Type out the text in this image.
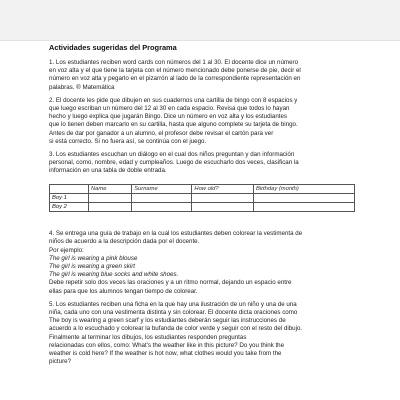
Actividades sugeridas del Programa

1. Los estudiantes reciben word cards con números del 1 al 30. El docente dice un número

en voz alta y el que tiene la tarjeta con el número mencionado debe ponerse de pie, decir el

número en voz alta y pegarlo en el pizarrón al lado de la correspondiente representación en

palabras. ® Matemática

2. El docente les pide que dibujen en sus cuadernos una cartilla de bingo con 8 espacios y

que luego escriban un número del 12 al 30 en cada espacio. Revisa que todos lo hayan

hecho y luego explica que jugarán Bingo. Dice un número en voz alta y los estudiantes

que lo tienen deben marcarlo en su cartilla, hasta que alguno complete su tarjeta de bingo.

Antes de dar por ganador a un alumno, el profesor debe revisar el cartón para ver

si está correcto. Si no fuera así, se continúa con el juego.

3. Los estudiantes escuchan un diálogo en el cual dos niños preguntan y dan información

personal, como, nombre, edad y cumpleaños. Luego de escucharlo dos veces, clasifican la

información en una tabla de doble entrada.

	Name	Surname	How old?	Birthday (month)
Boy 1				
Boy 2				

4. Se entrega una guía de trabajo en la cual los estudiantes deben colorear la vestimenta de

niños de acuerdo a la descripción dada por el docente.

Por ejemplo:

The girl is wearing a pink blouse

The girl is wearing a green skirt

The girl is wearing blue socks and white shoes.

Debe repetir solo dos veces las oraciones y a un ritmo normal, dejando un espacio entre

ellas para que los alumnos tengan tiempo de colorear.

5. Los estudiantes reciben una ficha en la que hay una ilustración de un niño y una de una

niña, cada uno con una vestimenta distinta y sin colorear. El docente dicta oraciones como

The boy is wearing a green scarf y los estudiantes deberán seguir las instrucciones de

acuerdo a lo escuchado y colorear la bufanda de color verde y seguir con el resto del dibujo.

Finalmente al terminar los dibujos, los estudiantes responden preguntas

relacionadas con ellos, como: What's the weather like in this picture? Do you think the

weather is cold here? If the weather is hot now, what clothes would you take from the

picture?
